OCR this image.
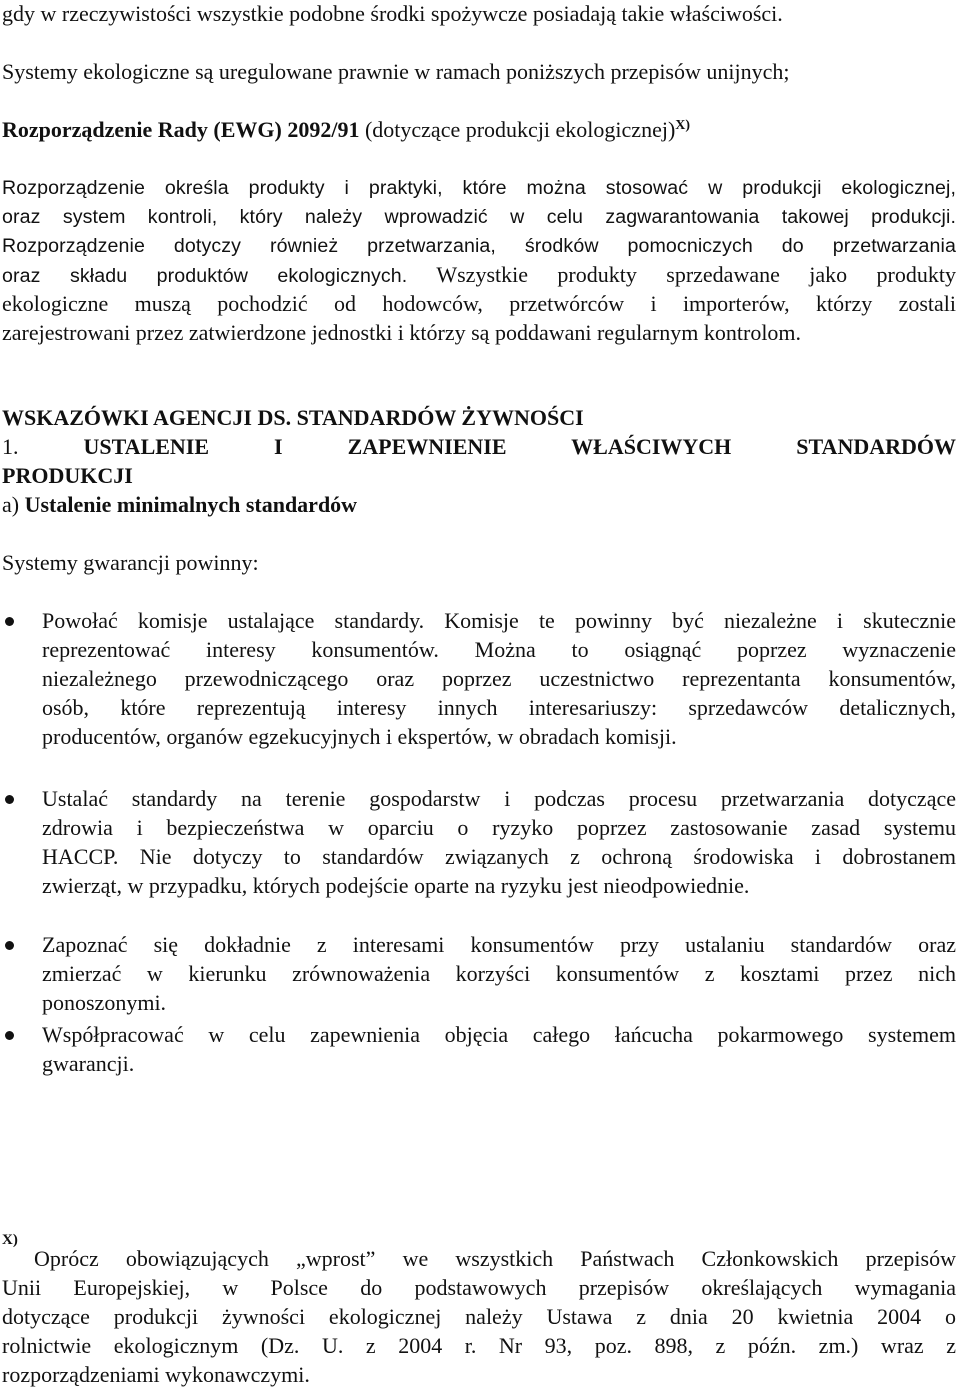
gdy w rzeczywistości wszystkie podobne środki spożywcze posiadają takie właściwości.
Systemy ekologiczne są uregulowane prawnie w ramach poniższych przepisów unijnych;
Rozporządzenie Rady (EWG) 2092/91 (dotyczące produkcji ekologicznej)$^{X)}$
Rozporządzenie określa produkty i praktyki, które można stosować w produkcji ekologicznej,
oraz system kontroli, który należy wprowadzić w celu zagwarantowania takowej produkcji.
Rozporządzenie dotyczy również przetwarzania, środków pomocniczych do przetwarzania
oraz składu produktów ekologicznych. Wszystkie produkty sprzedawane jako produkty
ekologiczne muszą pochodzić od hodowców, przetwórców i importerów, którzy zostali
zarejestrowani przez zatwierdzone jednostki i którzy są poddawani regularnym kontrolom.
WSKAZÓWKI AGENCJI DS. STANDARDÓW ŻYWNOŚCI
1.	USTALENIE I ZAPEWNIENIE WŁAŚCIWYCH STANDARDÓW
PRODUKCJI
a) Ustalenie minimalnych standardów
Systemy gwarancji powinny:
Powołać komisje ustalające standardy. Komisje te powinny być niezależne i skutecznie
reprezentować interesy konsumentów. Można to osiągnąć poprzez wyznaczenie
niezależnego przewodniczącego oraz poprzez uczestnictwo reprezentanta konsumentów,
osób, które reprezentują interesy innych interesariuszy: sprzedawców detalicznych,
producentów, organów egzekucyjnych i ekspertów, w obradach komisji.
Ustalać standardy na terenie gospodarstw i podczas procesu przetwarzania dotyczące
zdrowia i bezpieczeństwa w oparciu o ryzyko poprzez zastosowanie zasad systemu
HACCP. Nie dotyczy to standardów związanych z ochroną środowiska i dobrostanem
zwierząt, w przypadku, których podejście oparte na ryzyku jest nieodpowiednie.
Zapoznać się dokładnie z interesami konsumentów przy ustalaniu standardów oraz
zmierzać w kierunku zrównoważenia korzyści konsumentów z kosztami przez nich
ponoszonymi.
Współpracować w celu zapewnienia objęcia całego łańcucha pokarmowego systemem
gwarancji.
X)
Oprócz obowiązujących „wprost” we wszystkich Państwach Członkowskich przepisów
Unii Europejskiej, w Polsce do podstawowych przepisów określających wymagania
dotyczące produkcji żywności ekologicznej należy Ustawa z dnia 20 kwietnia 2004 o
rolnictwie ekologicznym (Dz. U. z 2004 r. Nr 93, poz. 898, z późn. zm.) wraz z
rozporządzeniami wykonawczymi.
